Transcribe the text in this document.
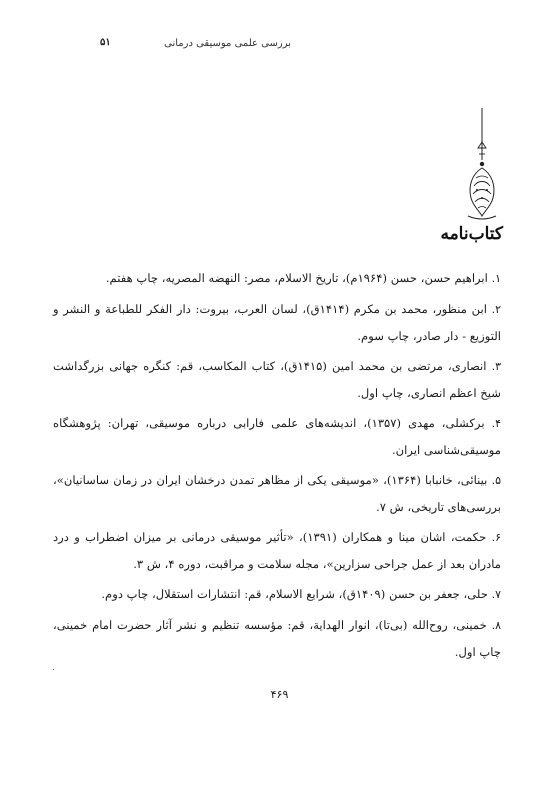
بررسی علمی موسیقی درمانی
۵۱
کتاب‌نامه
۱. ابراهیم حسن، حسن (۱۹۶۴م)، تاریخ الاسلام، مصر: النهضه المصریه، چاپ هفتم.
۲. ابن منظور، محمد بن مکرم (۱۴۱۴ق)، لسان العرب، بیروت: دار الفکر للطباعة و النشر و التوزیع - دار صادر، چاپ سوم.
۳. انصاری، مرتضی بن محمد امین (۱۴۱۵ق)، کتاب المکاسب، قم: کنگره جهانی بزرگداشت شیخ اعظم انصاری، چاپ اول.
۴. برکشلی، مهدی (۱۳۵۷)، اندیشه‌های علمی فارابی درباره موسیقی، تهران: پژوهشگاه موسیقی‌شناسی ایران.
۵. بینائی، خانبابا (۱۳۶۴)، «موسیقی یکی از مظاهر تمدن درخشان ایران در زمان ساسانیان»، بررسی‌های تاریخی، ش ۷.
۶. حکمت، اشان مینا و همکاران (۱۳۹۱)، «تأثیر موسیقی درمانی بر میزان اضطراب و درد مادران بعد از عمل جراحی سزارین»، مجله سلامت و مراقبت، دوره ۴، ش ۳.
۷. حلی، جعفر بن حسن (۱۴۰۹ق)، شرایع الاسلام، قم: انتشارات استقلال، چاپ دوم.
۸. خمینی، روح‌الله (بی‌تا)، انوار الهدایة، قم: مؤسسه تنظیم و نشر آثار حضرت امام خمینی، چاپ اول.
.
۴۶۹
